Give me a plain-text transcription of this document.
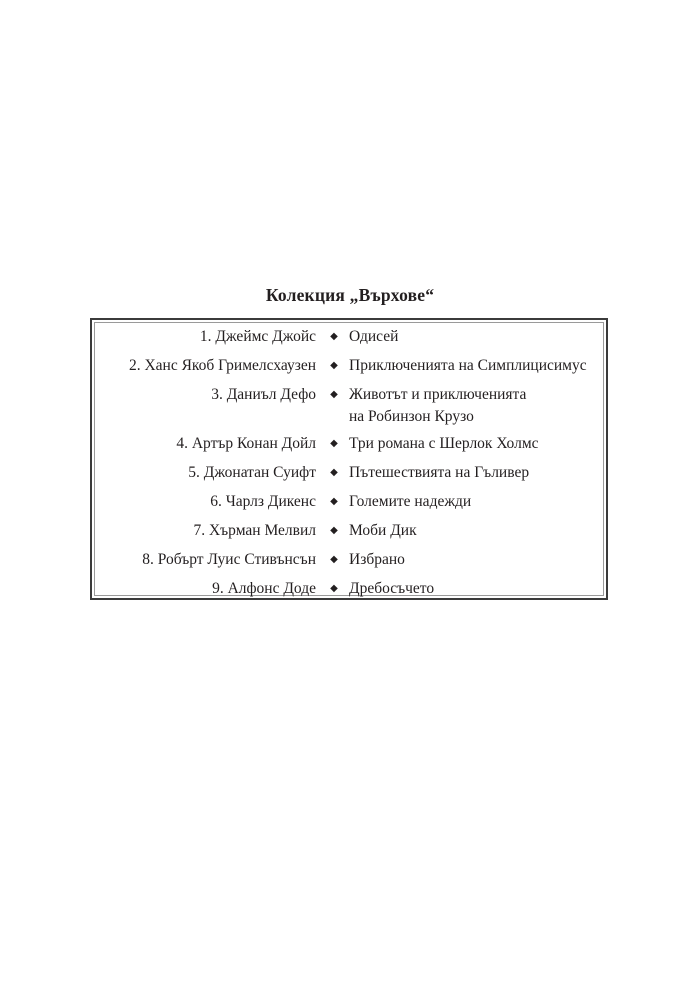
Колекция „Върхове“
1. Джеймс Джойс ◆ Одисей
2. Ханс Якоб Гримелсхаузен ◆ Приключенията на Симплицисимус
3. Даниъл Дефо ◆ Животът и приключенията
на Робинзон Крузо
4. Артър Конан Дойл ◆ Три романа с Шерлок Холмс
5. Джонатан Суифт ◆ Пътешествията на Гъливер
6. Чарлз Дикенс ◆ Големите надежди
7. Хърман Мелвил ◆ Моби Дик
8. Робърт Луис Стивънсън ◆ Избрано
9. Алфонс Доде ◆ Дребосъчето
